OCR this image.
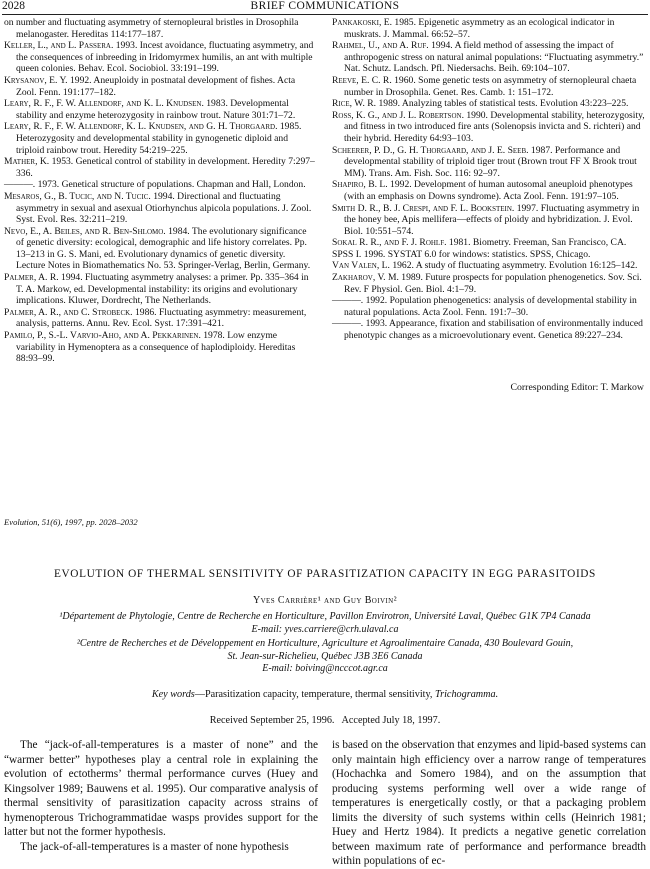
2028	BRIEF COMMUNICATIONS

on number and fluctuating asymmetry of sternopleural bristles in Drosophila melanogaster. Hereditas 114:177–187.

Keller, L., and L. Passera. 1993. Incest avoidance, fluctuating asymmetry, and the consequences of inbreeding in Iridomyrmex humilis, an ant with multiple queen colonies. Behav. Ecol. Sociobiol. 33:191–199.

Krysanov, E. Y. 1992. Aneuploidy in postnatal development of fishes. Acta Zool. Fenn. 191:177–182.

Leary, R. F., F. W. Allendorf, and K. L. Knudsen. 1983. Developmental stability and enzyme heterozygosity in rainbow trout. Nature 301:71–72.

Leary, R. F., F. W. Allendorf, K. L. Knudsen, and G. H. Thorgaard. 1985. Heterozygosity and developmental stability in gynogenetic diploid and triploid rainbow trout. Heredity 54:219–225.

Mather, K. 1953. Genetical control of stability in development. Heredity 7:297–336.

———. 1973. Genetical structure of populations. Chapman and Hall, London.

Mesaros, G., B. Tucic, and N. Tucic. 1994. Directional and fluctuating asymmetry in sexual and asexual Otiorhynchus alpicola populations. J. Zool. Syst. Evol. Res. 32:211–219.

Nevo, E., A. Beiles, and R. Ben-Shlomo. 1984. The evolutionary significance of genetic diversity: ecological, demographic and life history correlates. Pp. 13–213 in G. S. Mani, ed. Evolutionary dynamics of genetic diversity. Lecture Notes in Biomathematics No. 53. Springer-Verlag, Berlin, Germany.

Palmer, A. R. 1994. Fluctuating asymmetry analyses: a primer. Pp. 335–364 in T. A. Markow, ed. Developmental instability: its origins and evolutionary implications. Kluwer, Dordrecht, The Netherlands.

Palmer, A. R., and C. Strobeck. 1986. Fluctuating asymmetry: measurement, analysis, patterns. Annu. Rev. Ecol. Syst. 17:391–421.

Pamilo, P., S.-L. Varvio-Aho, and A. Pekkarinen. 1978. Low enzyme variability in Hymenoptera as a consequence of haplodiploidy. Hereditas 88:93–99.

Pankakoski, E. 1985. Epigenetic asymmetry as an ecological indicator in muskrats. J. Mammal. 66:52–57.

Rahmel, U., and A. Ruf. 1994. A field method of assessing the impact of anthropogenic stress on natural animal populations: “Fluctuating asymmetry.” Nat. Schutz. Landsch. Pfl. Niedersachs. Beih. 69:104–107.

Reeve, E. C. R. 1960. Some genetic tests on asymmetry of sternopleural chaeta number in Drosophila. Genet. Res. Camb. 1: 151–172.

Rice, W. R. 1989. Analyzing tables of statistical tests. Evolution 43:223–225.

Ross, K. G., and J. L. Robertson. 1990. Developmental stability, heterozygosity, and fitness in two introduced fire ants (Solenopsis invicta and S. richteri) and their hybrid. Heredity 64:93–103.

Scheerer, P. D., G. H. Thorgaard, and J. E. Seeb. 1987. Performance and developmental stability of triploid tiger trout (Brown trout FF X Brook trout MM). Trans. Am. Fish. Soc. 116: 92–97.

Shapiro, B. L. 1992. Development of human autosomal aneuploid phenotypes (with an emphasis on Downs syndrome). Acta Zool. Fenn. 191:97–105.

Smith D. R., B. J. Crespi, and F. L. Bookstein. 1997. Fluctuating asymmetry in the honey bee, Apis mellifera—effects of ploidy and hybridization. J. Evol. Biol. 10:551–574.

Sokal R. R., and F. J. Rohlf. 1981. Biometry. Freeman, San Francisco, CA.

SPSS I. 1996. SYSTAT 6.0 for windows: statistics. SPSS, Chicago.

Van Valen, L. 1962. A study of fluctuating asymmetry. Evolution 16:125–142.

Zakharov, V. M. 1989. Future prospects for population phenogenetics. Sov. Sci. Rev. F Physiol. Gen. Biol. 4:1–79.

———. 1992. Population phenogenetics: analysis of developmental stability in natural populations. Acta Zool. Fenn. 191:7–30.

———. 1993. Appearance, fixation and stabilisation of environmentally induced phenotypic changes as a microevolutionary event. Genetica 89:227–234.

Corresponding Editor: T. Markow
Evolution, 51(6), 1997, pp. 2028–2032
EVOLUTION OF THERMAL SENSITIVITY OF PARASITIZATION CAPACITY IN EGG PARASITOIDS
Yves Carrière¹ and Guy Boivin²
¹Département de Phytologie, Centre de Recherche en Horticulture, Pavillon Envirotron, Université Laval, Québec G1K 7P4 Canada
E-mail: yves.carriere@crh.ulaval.ca
²Centre de Recherches et de Développement en Horticulture, Agriculture et Agroalimentaire Canada, 430 Boulevard Gouin,
St. Jean-sur-Richelieu, Québec J3B 3E6 Canada
E-mail: boiving@ncccot.agr.ca
Key words—Parasitization capacity, temperature, thermal sensitivity, Trichogramma.
Received September 25, 1996.   Accepted July 18, 1997.

The “jack-of-all-temperatures is a master of none” and the “warmer better” hypotheses play a central role in explaining the evolution of ectotherms’ thermal performance curves (Huey and Kingsolver 1989; Bauwens et al. 1995). Our comparative analysis of thermal sensitivity of parasitization capacity across strains of hymenopterous Trichogrammatidae wasps provides support for the latter but not the former hypothesis.

The jack-of-all-temperatures is a master of none hypothesis

is based on the observation that enzymes and lipid-based systems can only maintain high efficiency over a narrow range of temperatures (Hochachka and Somero 1984), and on the assumption that producing systems performing well over a wide range of temperatures is energetically costly, or that a packaging problem limits the diversity of such systems within cells (Heinrich 1981; Huey and Hertz 1984). It predicts a negative genetic correlation between maximum rate of performance and performance breadth within populations of ec-
